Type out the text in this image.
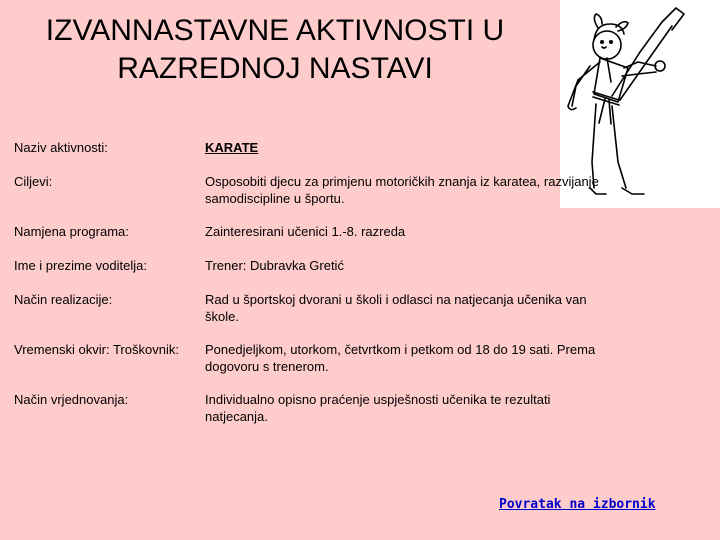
IZVANNASTAVNE AKTIVNOSTI U
RAZREDNOJ NASTAVI
Naziv aktivnosti:	KARATE
Ciljevi:	Osposobiti djecu za primjenu motoričkih znanja iz karatea, razvijanje samodiscipline u športu.
Namjena programa:	Zainteresirani učenici 1.-8. razreda
Ime i prezime voditelja:	Trener: Dubravka Gretić
Način realizacije:	Rad u športskoj dvorani u školi i odlasci na natjecanja učenika van škole.
Vremenski okvir: Troškovnik:	Ponedjeljkom, utorkom, četvrtkom i petkom od 18 do 19 sati. Prema dogovoru s trenerom.
Način vrjednovanja:	Individualno opisno praćenje uspješnosti učenika te rezultati natjecanja.
Povratak na izbornik
